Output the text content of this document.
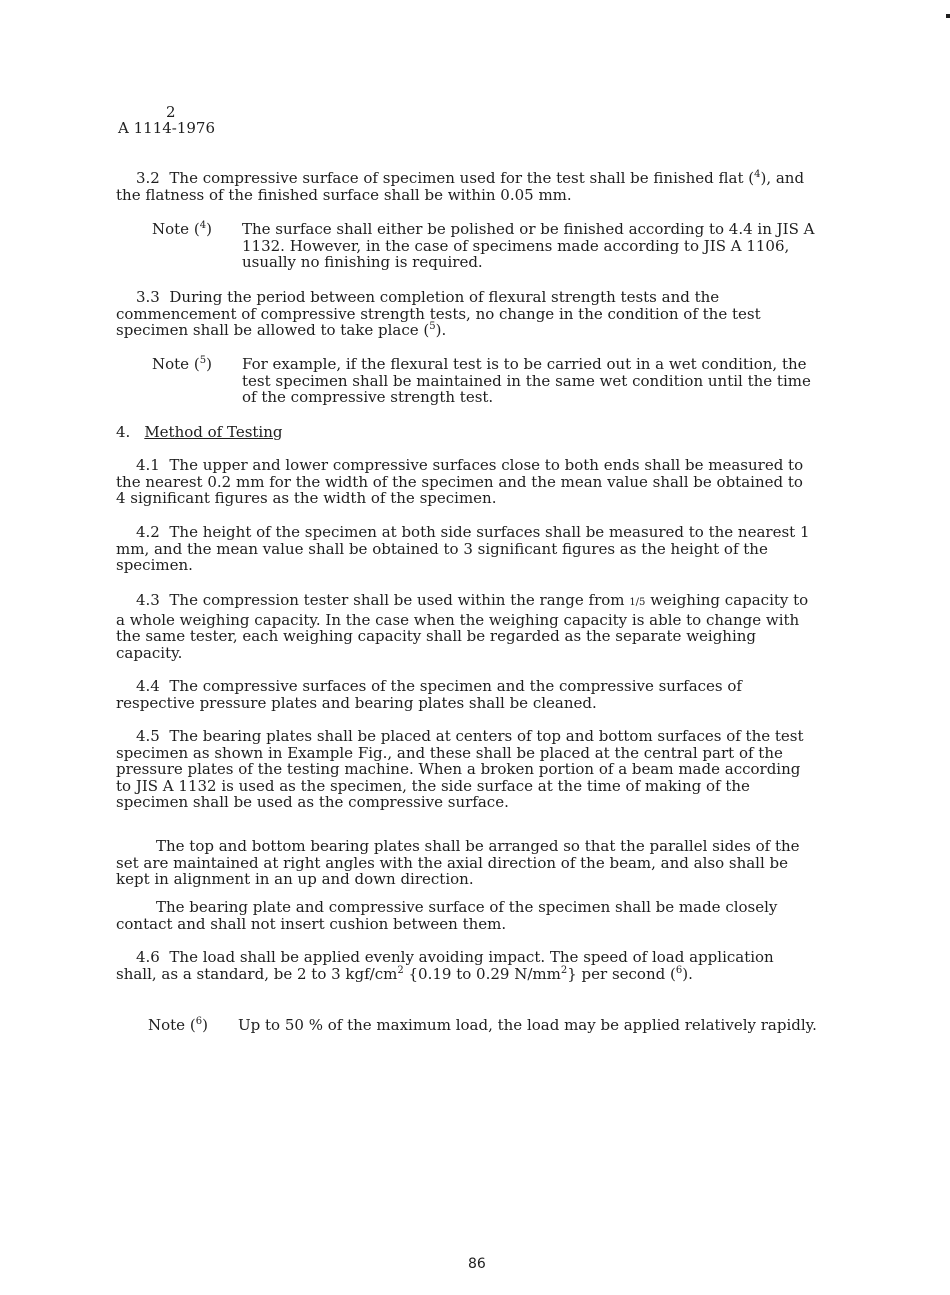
2
A 1114-1976

3.2 The compressive surface of specimen used for the test shall be finished flat ($^4$), and the flatness of the finished surface shall be within 0.05 mm.

Note ($^4$)	The surface shall either be polished or be finished according to 4.4 in JIS A 1132. However, in the case of specimens made according to JIS A 1106, usually no finishing is required.

3.3 During the period between completion of flexural strength tests and the commencement of compressive strength tests, no change in the condition of the test specimen shall be allowed to take place ($^5$).

Note ($^5$)	For example, if the flexural test is to be carried out in a wet condition, the test specimen shall be maintained in the same wet condition until the time of the compressive strength test.
4. Method of Testing

4.1 The upper and lower compressive surfaces close to both ends shall be measured to the nearest 0.2 mm for the width of the specimen and the mean value shall be obtained to 4 significant figures as the width of the specimen.

4.2 The height of the specimen at both side surfaces shall be measured to the nearest 1 mm, and the mean value shall be obtained to 3 significant figures as the height of the specimen.

4.3 The compression tester shall be used within the range from 1/5 weighing capacity to a whole weighing capacity. In the case when the weighing capacity is able to change with the same tester, each weighing capacity shall be regarded as the separate weighing capacity.

4.4 The compressive surfaces of the specimen and the compressive surfaces of respective pressure plates and bearing plates shall be cleaned.

4.5 The bearing plates shall be placed at centers of top and bottom surfaces of the test specimen as shown in Example Fig., and these shall be placed at the central part of the pressure plates of the testing machine. When a broken portion of a beam made according to JIS A 1132 is used as the specimen, the side surface at the time of making of the specimen shall be used as the compressive surface.

The top and bottom bearing plates shall be arranged so that the parallel sides of the set are maintained at right angles with the axial direction of the beam, and also shall be kept in alignment in an up and down direction.

The bearing plate and compressive surface of the specimen shall be made closely contact and shall not insert cushion between them.

4.6 The load shall be applied evenly avoiding impact. The speed of load application shall, as a standard, be 2 to 3 kgf/$cm^2$ {0.19 to 0.29 $N/mm^2$} per second ($^6$).

Note ($^6$)	Up to 50 % of the maximum load, the load may be applied relatively rapidly.
86
